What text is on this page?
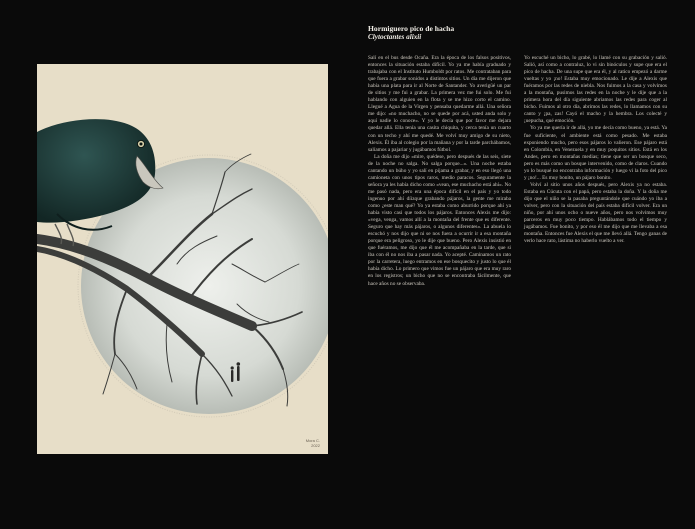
Mora C.
2022
Hormiguero pico de hacha
Clytoctantes alixii

Salí en el bus desde Ocaña. Era la época de los falsos positivos, entonces la situación estaba difícil. Yo ya me había graduado y trabajaba con el Instituto Humboldt por ratos. Me contrataban para que fuera a grabar sonidos a distintos sitios. Un día me dijeron que había una plata para ir al Norte de Santander. Yo averigüé un par de sitios y me fui a grabar. La primera vez me fui solo. Me fui hablando con alguien en la flota y se me hizo corto el camino. Llegué a Agua de la Virgen y pensaba quedarme allá. Una señora me dijo: «no muchacho, no se quede por acá, usted anda solo y aquí nadie lo conoce». Y yo le decía que por favor me dejara quedar allá. Ella tenía una casita chiquita, y cerca tenía un cuarto con un techo y ahí me quedé. Me volví muy amigo de su nieto, Alexis. Él iba al colegio por la mañana y por la tarde parchábamos, salíamos a pajariar y jugábamos fútbol.

La doña me dijo «mire, quédese, pero después de las seis, siete de la noche no salga. No salga porque...». Una noche estaba cantando un búho y yo salí en pijama a grabar, y en eso llegó una camioneta con unos tipos raros, medio paracos. Seguramente la señora ya les había dicho como «vean, ese muchacho está ahí». No me pasó nada, pero era una época difícil en el país y yo todo ingenuo por ahí díizque grabando pájaros, la gente me miraba como ¿este man qué? Yo ya estaba como aburrido porque ahí ya había visto casi que todos los pájaros. Entonces Alexis me dijo: «vega, venga, vamos allí a la montaña del frente que es diferente. Seguro que hay más pájaros, o algunos diferentes». La abuela lo escuchó y nos dijo que ni se nos fuera a ocurrir ir a esa montaña porque era peligroso, yo le dije que bueno. Pero Alexis insistió en que fuéramos, me dijo que él me acompañaba en la tarde, que si iba con él no nos iba a pasar nada. Yo acepté. Caminamos un rato por la carretera, luego entramos en ese bosquecito y justo lo que él había dicho. Lo primero que vimos fue un pájaro que era muy raro en los registros; un bicho que no se encontraba fácilmente, que hace años no se observaba.

Yo escuché un bicho, lo grabé, lo llamé con su grabación y salió. Salió, así como a contraluz, lo vi sin binóculos y supe que era el pico de hacha. De una supe que era él, y al ratico empezó a darme vueltas y yo ¡no! Estaba muy emocionado. Le dije a Alexis que fuéramos por las redes de niebla. Nos fuimos a la casa y volvimos a la montaña, pusimos las redes en la noche y le dije que a la primera hora del día siguiente abriamos las redes para coger al bicho. Fuimos al otro día, abrimos las redes, lo llamamos con su canto y ¡pa, zas! Cayó el macho y la hembra. Los colecté y ¡uepucha, qué emoción.

Yo ya me quería ir de allá, yo me decía como bueno, ya está. Ya fue suficiente, el ambiente está como pesado. Me estaba exponiendo mucho, pero esos pájaros lo valieron. Ese pájaro está en Colombia, en Venezuela y en muy poquitos sitios. Está en los Andes, pero en montañas medias; tiene que ser un bosque seco, pero es más como un bosque intervenido, como de claros. Cuando yo lo busqué no encontraba información y luego vi la foto del pico y ¡no!... Es muy bonito, un pájaro bonito.

Volví al sitio unos años después, pero Alexis ya no estaba. Estaba en Cúcuta con el papá, pero estaba la doña. Y la doña me dijo que el niño se la pasaba preguntándole que cuándo yo iba a volver, pero con la situación del país estaba difícil volver. Era un niño, por ahí unos ocho o nueve años, pero nos volvimos muy parceros en muy poco tiempo. Hablábamos todo el tiempo y jugábamos. Fue bonito, y por eso él me dijo que me llevaba a esa montaña. Entonces fue Alexis el que me llevó allá. Tengo ganas de verlo hace rato, lástima no haberlo vuelto a ver.
